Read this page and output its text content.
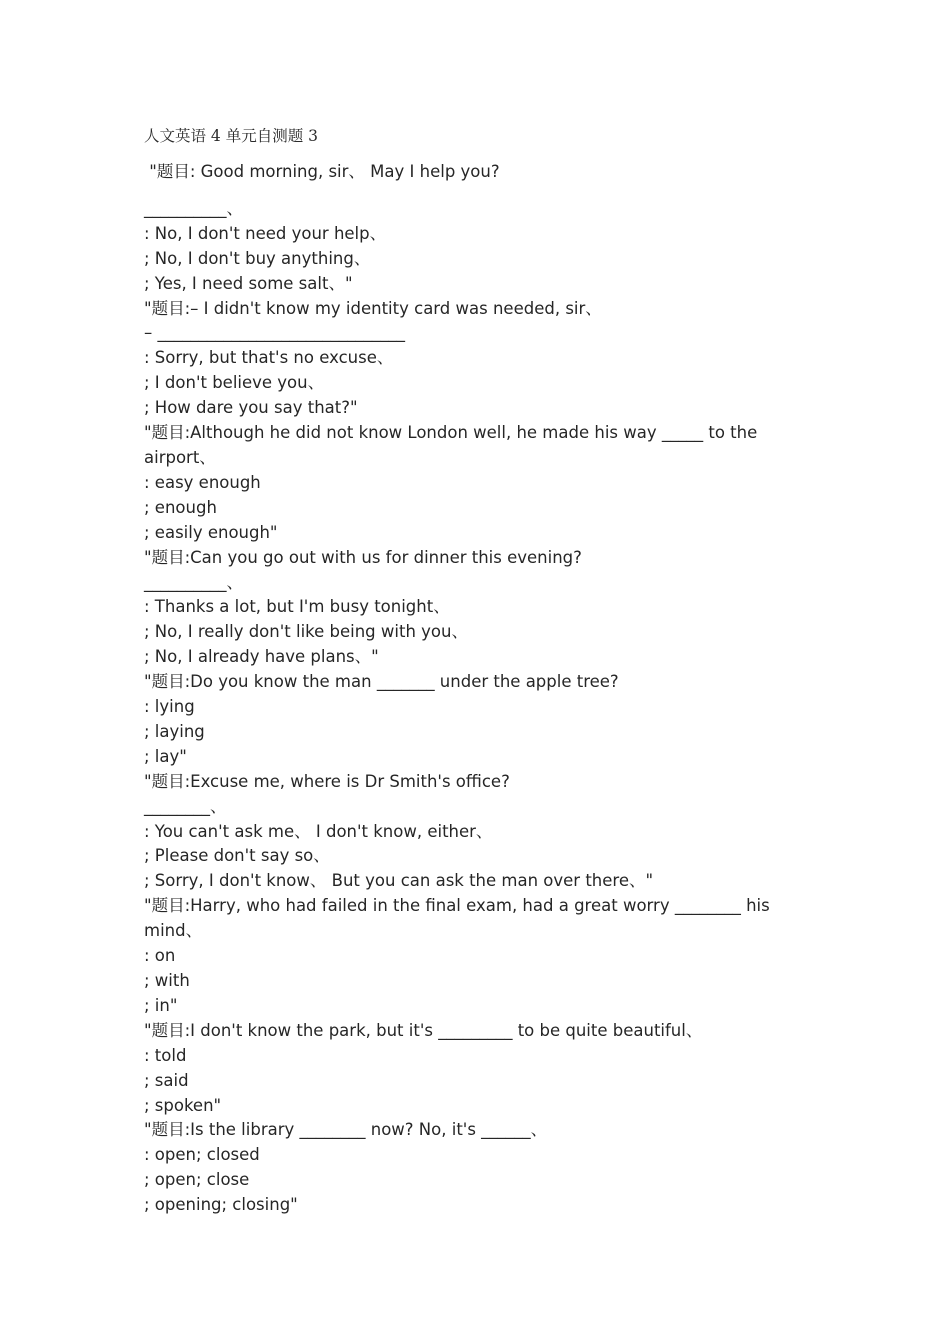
人文英语 4 单元自测题 3
"题目: Good morning, sir、 May I help you?
__________、
: No, I don't need your help、
; No, I don't buy anything、
; Yes, I need some salt、"
"题目:– I didn't know my identity card was needed, sir、
– ______________________________
: Sorry, but that's no excuse、
; I don't believe you、
; How dare you say that?"
"题目:Although he did not know London well, he made his way _____ to the airport、
: easy enough
; enough
; easily enough"
"题目:Can you go out with us for dinner this evening?
__________、
: Thanks a lot, but I'm busy tonight、
; No, I really don't like being with you、
; No, I already have plans、"
"题目:Do you know the man _______ under the apple tree?
: lying
; laying
; lay"
"题目:Excuse me, where is Dr Smith's office?
________、
: You can't ask me、 I don't know, either、
; Please don't say so、
; Sorry, I don't know、 But you can ask the man over there、"
"题目:Harry, who had failed in the final exam, had a great worry ________ his mind、
: on
; with
; in"
"题目:I don't know the park, but it's _________ to be quite beautiful、
: told
; said
; spoken"
"题目:Is the library ________ now? No, it's ______、
: open; closed
; open; close
; opening; closing"
